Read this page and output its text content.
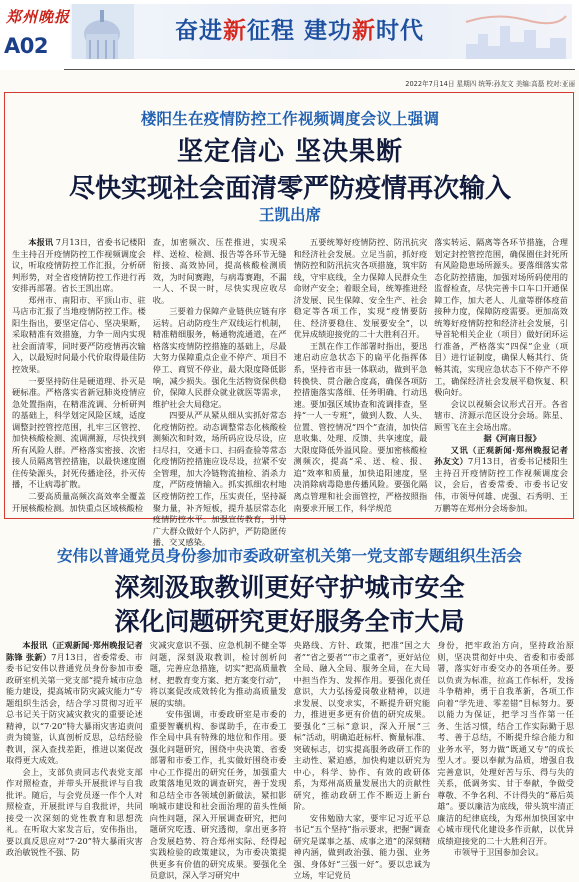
郑州晚报
A02
奋进新征程 建功新时代
2022年7月14日 星期四 统筹:孙友文 美编:高磊 校对:亚丽
楼阳生在疫情防控工作视频调度会议上强调
坚定信心 坚决果断
尽快实现社会面清零严防疫情再次输入
王凯出席

本报讯 7月13日，省委书记楼阳生主持召开疫情防控工作视频调度会议，听取疫情防控工作汇报，分析研判形势，对全省疫情防控工作进行再安排再部署。省长王凯出席。

郑州市、南阳市、平顶山市、驻马店市汇报了当地疫情防控工作。楼阳生指出，要坚定信心、坚决果断，采取精准有效措施，力争一周内实现社会面清零，同时要严防疫情再次输入，以最短时间最小代价取得最佳防控效果。

一要坚持防住是硬道理、扑灭是硬标准。严格落实省新冠肺炎疫情应急处置指南，在精准流调、分析研判的基础上，科学划定风险区域，适度调整封控管控范围，扎牢三区管控、加快核酸检测、流调溯源，尽快找到所有风险人群。严格落实密接、次密接人员隔离管控措施，以最快速度圈住传染源头，封死传播途径，扑灭传播，不让病毒扩散。

二要高质量高频次高效率全覆盖开展核酸检测。加快重点区域核酸检

查，加密频次、压茬推进，实现采样、送检、检测、报告等各环节无缝衔接、高效协同，提高核酸检测质效，为时间赛跑，与病毒赛跑，不漏一人、不误一时，尽快实现应收尽收。

三要着力保障产业链供应链有序运转。启动防疫生产双线运行机制，精准精细服务，畅通物流通道，在严格落实疫情防控措施的基础上，尽最大努力保障重点企业不停产、项目不停工、商贸不停业，最大限度降低影响，减少损失。强化生活物资保供稳价，保障人民群众就业就医等需求，维护社会大局稳定。

四要从严从紧从细从实抓好常态化疫情防控。动态调整常态化核酸检测频次和时效，场所码应设尽设，应扫尽扫，交通卡口、扫码查验等常态化疫情防控措施应设尽设，拉紧不安全管理，加大冷链物流抽检、消杀力度，严防疫情输入。抓实抓细农村地区疫情防控工作，压实责任，坚持凝聚力量，补齐短板，提升基层常态化疫情防控水平。加强宣传教育，引导广大群众做好个人防护，严防隐匿传播、交叉感染。

五要统筹好疫情防控、防汛抗灾和经济社会发展。立足当前，抓好疫情防控和防汛抗灾各项措施，筑牢防线，守牢底线，全力保障人民群众生命财产安全；着眼全局，统筹推进经济发展、民生保障、安全生产、社会稳定等各项工作，实现“疫情要防住、经济要稳住、发展要安全”，以优异成绩迎接党的二十大胜利召开。

王凯在作工作部署时指出，要迅速启动应急状态下的扁平化指挥体系，坚持省市县一体联动，做到平急转换快、贯合融合度高，确保各项防控措施落实落细、任务明确、行动迅速。要加强区域协查和流调排查，坚持“一人一专班”，做到人数、人头、位置、管控情况“四个”查清，加快信息收集、处理、反馈、共享速度，最大限度降低外溢风险。要加密核酸检测频次，提高“采、送、检、报、追”效率和质量，加快追阳速度，坚决消除病毒隐患传播风险。要强化隔离点管理和社会面管控，严格按照指南要求开展工作，科学规范

落实转运、隔离等各环节措施，合理划定封控管控范围，确保圈住封死所有风险隐患场所源头。要落细落实常态化防控措施，加强对场所码使用的监督检查，尽快完善卡口车口开通保障工作，加大老人、儿童等群体疫苗接种力度，保障防疫需要。更加高效统筹好疫情防控和经济社会发展，引导首轮相关企业（项目）做好闭环运行准备，严格落实“四保”企业（项目）进行证制度，确保人畅其行、货畅其流，实现应急状态下不停产不停工，确保经济社会发展平稳恢复、积极向好。

会议以视频会议形式召开。各省辖市、济源示范区设分会场。陈星、顾雪飞在主会场出席。

据《河南日报》

又讯（正观新闻·郑州晚报记者 孙友文）7月13日，省委书记楼阳生主持召开疫情防控工作视频调度会议，会后，省委常委、市委书记安伟，市领导何雄、虎强、石秀明、王万鹏等在郑州分会场参加。

安伟以普通党员身份参加市委政研室机关第一党支部专题组织生活会
深刻汲取教训更好守护城市安全
深化问题研究更好服务全市大局

本报讯（正观新闻·郑州晚报记者 陈锋 张新）7月13日，省委常委、市委书记安伟以普通党员身份参加市委政研室机关第一党支部“提升城市应急能力建设，提高城市防灾减灾能力”专题组织生活会，结合学习贯彻习近平总书记关于防灾减灾救灾的重要论述精神，以“7·20”特大暴雨灾害追责问责为镜鉴，认真剖析反思，总结经验教训，深入查找差距，推进以案促改取得更大成效。

会上，支部负责同志代表党支部作对照检查，并带头开展批评与自我批评。随后，与会党员逐一作个人对照检查，开展批评与自我批评，共同接受一次深刻的党性教育和思想洗礼。在听取大家发言后，安伟指出，要以真反思应对“7·20”特大暴雨灾害政治敏锐性不强、防

灾减灾意识不强、应急机制不健全等问题，深刻汲取教训，检讨剖析问题，完善应急措施，切实“把高质量教材、把教育变方案、把方案变行动”，将以案促改成效转化为推动高质量发展的实绩。

安伟强调，市委政研室是市委的重要智囊机构、参谋助手，在市委工作全局中具有特殊的地位和作用。要强化问题研究，围绕中央决策、省委部署和市委工作，扎实做好围绕市委中心工作提出的研究任务，加强重大政策落地见效的调查研究，善于发现和总结全市各领域创新做法，紧扣影响城市建设和社会面治理的苗头性倾向性问题，深入开展调查研究，把问题研究吃透、研究透彻，拿出更多符合发展趋势、符合郑州实际、经得起实践检验的政策建议，为市委决策提供更多有价值的研究成果。要强化全员意识，深入学习研究中

央路线、方针、政策，把准“国之大者”“省之要者”“市之重者”，更好站位全局、融入全局、服务全局，在大局中担当作为、发挥作用。要强化责任意识，大力弘扬爱岗敬业精神，以进求发展、以变求实，不断提升研究能力，推进更多更有价值的研究成果。要强化“三标”意识，深入开展“三标”活动，明确追赶标杆、衡量标准、突破标志，切实提高服务政研工作的主动性、紧迫感，加快构建以研究为中心，科学、协作、有效的政研体系，为郑州高质量发展出大的贡献性研究，推动政研工作不断迈上新台阶。

安伟勉励大家，要牢记习近平总书记“五个坚持”指示要求，把握“调查研究是谋事之基、成事之道”的深刻精神内涵，做到政治强、能力强、业务强、身体好“三强一好”。要以忠诚为立场，牢记党员

身份，把牢政治方向，坚持政治原则，坚决贯彻好中央、省委和市委部署，落实好市委交办的各项任务。要以负责为标准，拉高工作标杆，发扬斗争精神，勇于自我革新，各项工作向着“学先进、零差错”目标努力。要以能力为保证，把学习当作第一任务、生活习惯，结合工作实际勤于思考、善于总结，不断提升综合能力和业务水平，努力做“既通又专”的成长型人才。要以奉献为品质，增强自我完善意识，处理好苦与乐、得与失的关系，低调务实、甘于奉献，争做受尊敬、不争名利、不计得失的“幕后英雄”。要以廉洁为底线，带头筑牢清正廉洁的纪律底线，为郑州加快国家中心城市现代化建设多作贡献，以优异成绩迎接党的二十大胜利召开。

市领导于卫国参加会议。
